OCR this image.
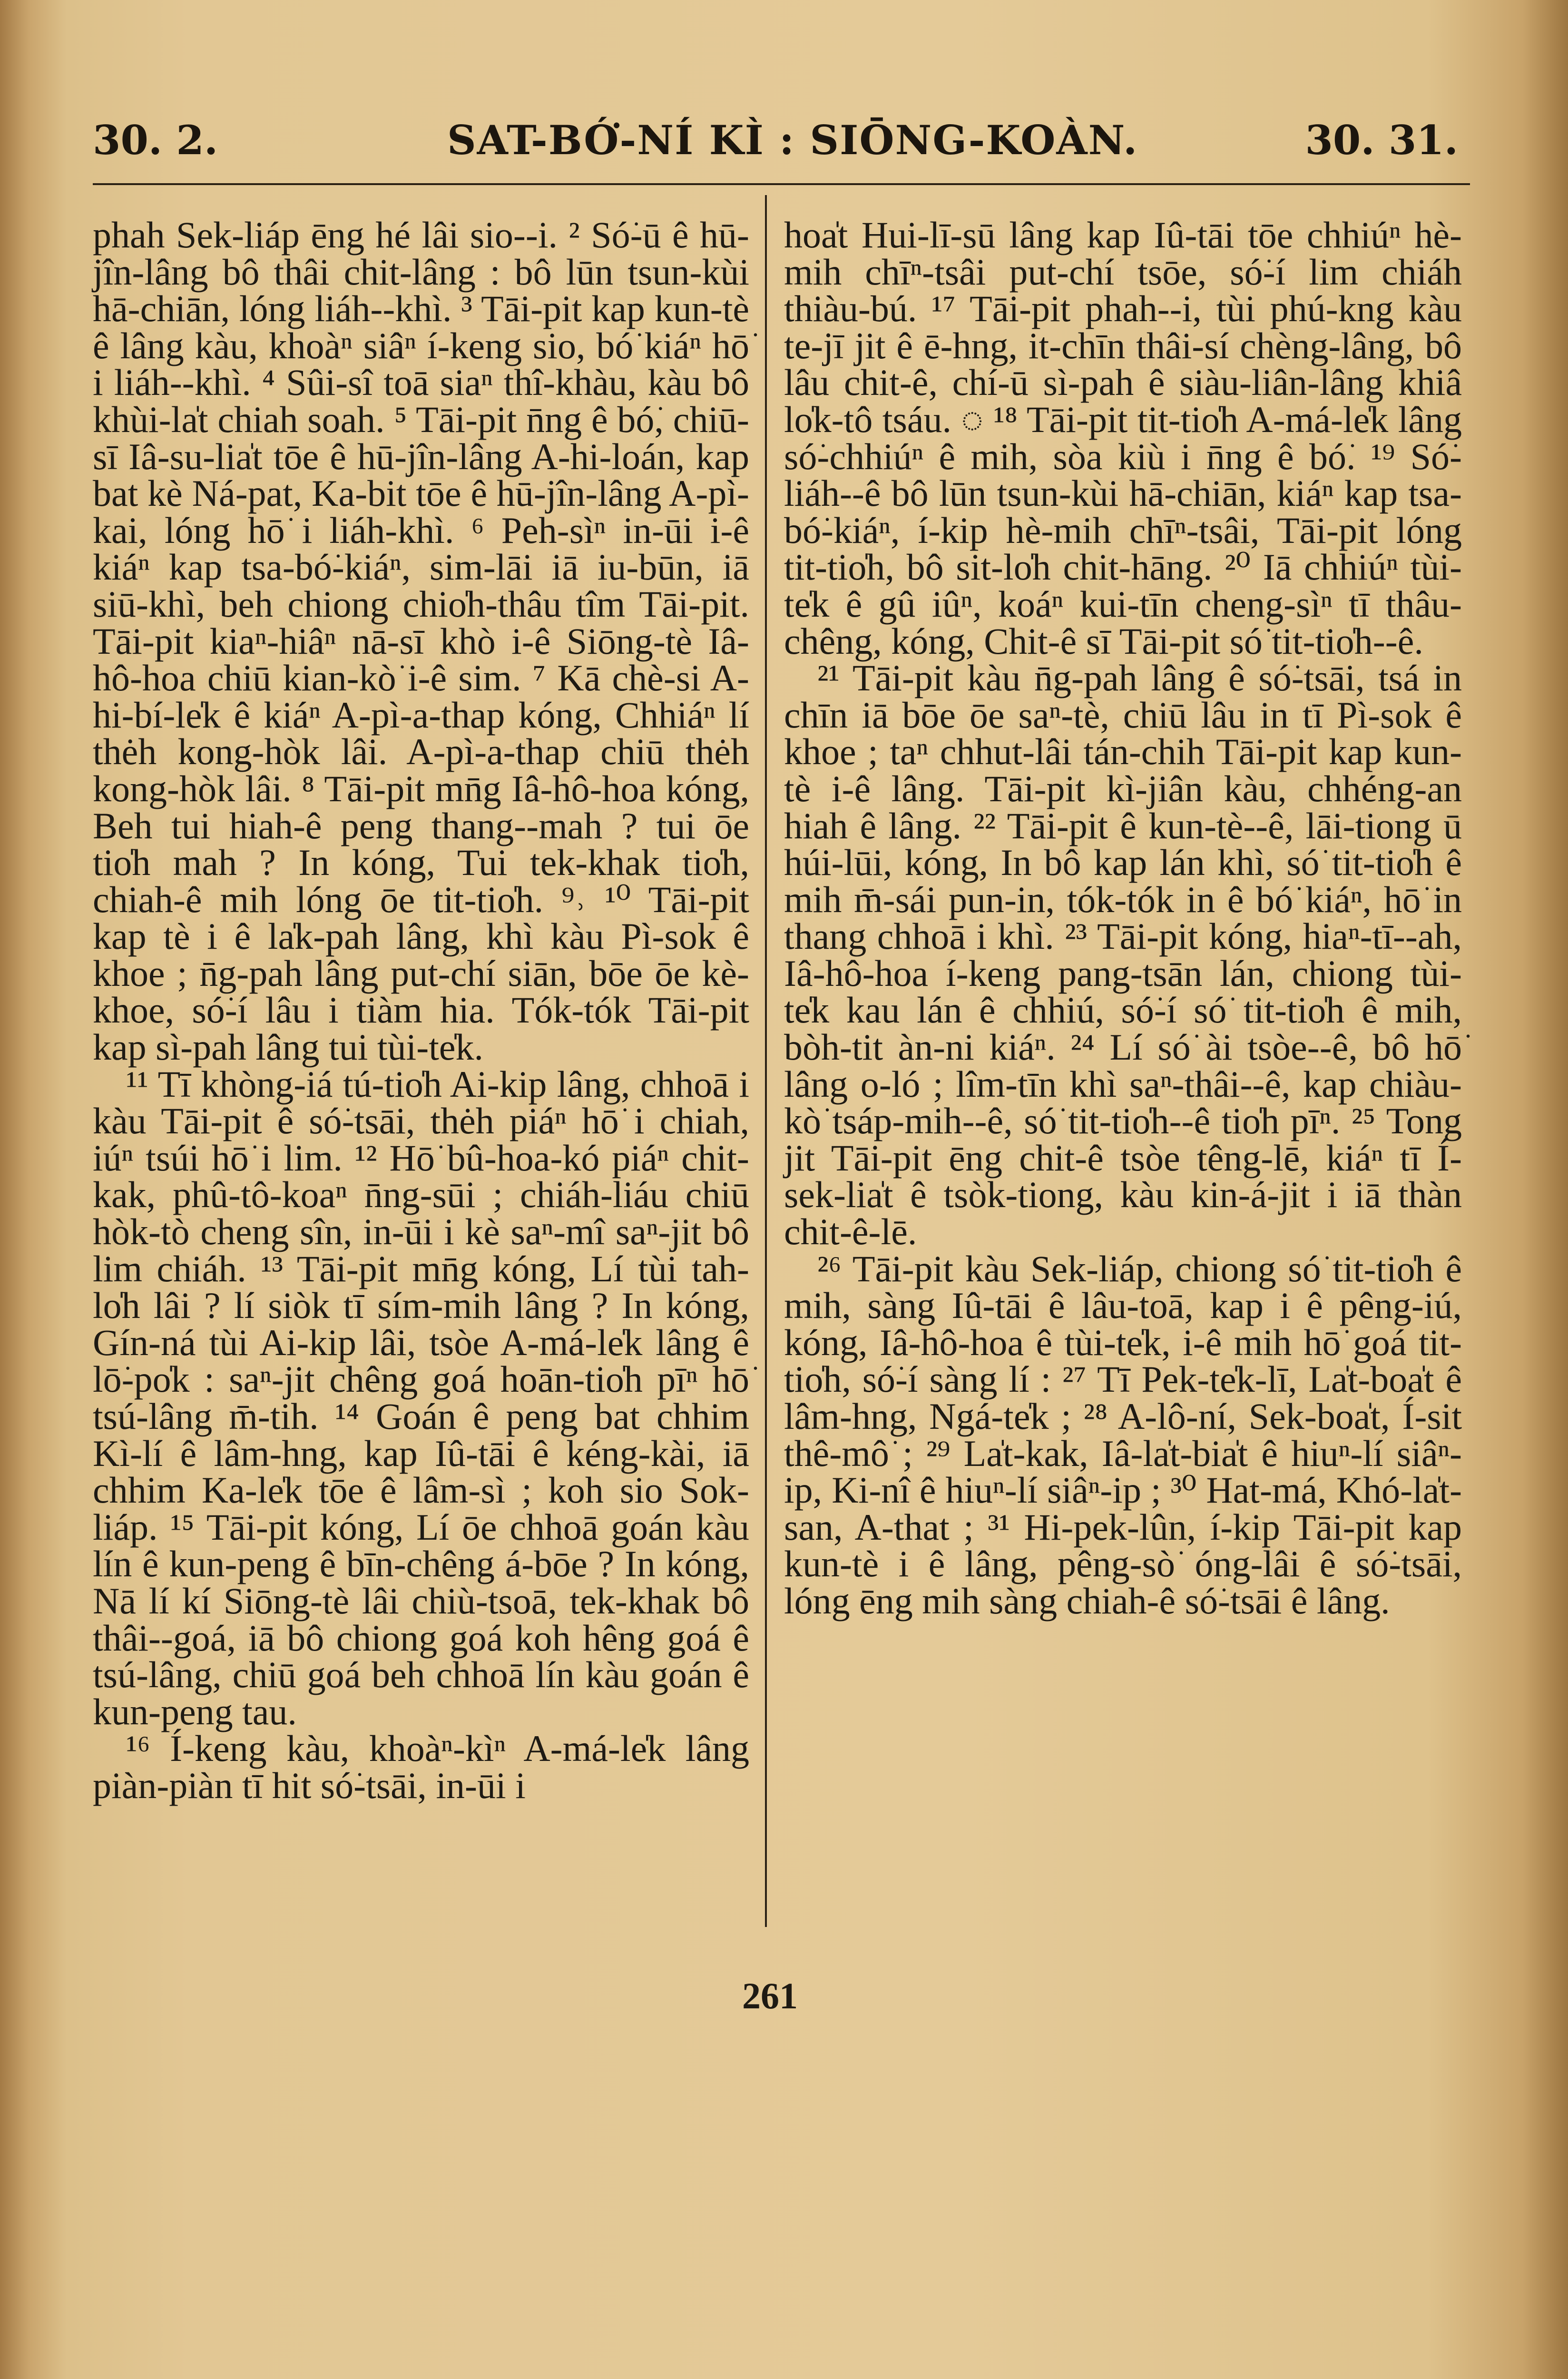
30. 2.	SAT-BÓ͘-NÍ KÌ : SIŌNG-KOÀN.	30. 31.

phah Sek-liáp ēng hé lâi sio--i. ² Só͘-ū ê hū-jîn-lâng bô thâi chit-lâng : bô lūn tsun-kùi hā-chiān, lóng liáh--khì. ³ Tāi-pit kap kun-tè ê lâng kàu, khoàⁿ siâⁿ í-keng sio, bó͘ kiáⁿ hō͘ i liáh--khì. ⁴ Sûi-sî toā siaⁿ thî-khàu, kàu bô khùi-la̍t chiah soah. ⁵ Tāi-pit n̄ng ê bó͘, chiū-sī Iâ-su-lia̍t tōe ê hū-jîn-lâng A-hi-loán, kap bat kè Ná-pat, Ka-bit tōe ê hū-jîn-lâng A-pì-kai, lóng hō͘ i liáh-khì. ⁶ Peh-sìⁿ in-ūi i-ê kiáⁿ kap tsa-bó͘-kiáⁿ, sim-lāi iā iu-būn, iā siū-khì, beh chiong chio̍h-thâu tîm Tāi-pit. Tāi-pit kiaⁿ-hiâⁿ nā-sī khò i-ê Siōng-tè Iâ-hô-hoa chiū kian-kò͘ i-ê sim. ⁷ Kā chè-si A-hi-bí-le̍k ê kiáⁿ A-pì-a-thap kóng, Chhiáⁿ lí thėh kong-hòk lâi. A-pì-a-thap chiū thėh kong-hòk lâi. ⁸ Tāi-pit mn̄g Iâ-hô-hoa kóng, Beh tui hiah-ê peng thang--mah ? tui ōe tio̍h mah ? In kóng, Tui tek-khak tio̍h, chiah-ê mih lóng ōe tit-tio̍h. ⁹˒ ¹⁰ Tāi-pit kap tè i ê la̍k-pah lâng, khì kàu Pì-sok ê khoe ; n̄g-pah lâng put-chí siān, bōe ōe kè-khoe, só͘-í lâu i tiàm hia. Tók-tók Tāi-pit kap sì-pah lâng tui tùi-te̍k.

¹¹ Tī khòng-iá tú-tio̍h Ai-kip lâng, chhoā i kàu Tāi-pit ê só͘-tsāi, thėh piáⁿ hō͘ i chiah, iúⁿ tsúi hō͘ i lim. ¹² Hō͘ bû-hoa-kó piáⁿ chit-kak, phû-tô-koaⁿ n̄ng-sūi ; chiáh-liáu chiū hòk-tò cheng sîn, in-ūi i kè saⁿ-mî saⁿ-jit bô lim chiáh. ¹³ Tāi-pit mn̄g kóng, Lí tùi tah-lo̍h lâi ? lí siòk tī sím-mih lâng ? In kóng, Gín-ná tùi Ai-kip lâi, tsòe A-má-le̍k lâng ê lō͘-po̍k : saⁿ-jit chêng goá hoān-tio̍h pīⁿ hō͘ tsú-lâng m̄-tih. ¹⁴ Goán ê peng bat chhim Kì-lí ê lâm-hng, kap Iû-tāi ê kéng-kài, iā chhim Ka-le̍k tōe ê lâm-sì ; koh sio Sok-liáp. ¹⁵ Tāi-pit kóng, Lí ōe chhoā goán kàu lín ê kun-peng ê bīn-chêng á-bōe ? In kóng, Nā lí kí Siōng-tè lâi chiù-tsoā, tek-khak bô thâi--goá, iā bô chiong goá koh hêng goá ê tsú-lâng, chiū goá beh chhoā lín kàu goán ê kun-peng tau.

¹⁶ Í-keng kàu, khoàⁿ-kìⁿ A-má-le̍k lâng piàn-piàn tī hit só͘-tsāi, in-ūi i

hoa̍t Hui-lī-sū lâng kap Iû-tāi tōe chhiúⁿ hè-mih chīⁿ-tsâi put-chí tsōe, só͘-í lim chiáh thiàu-bú. ¹⁷ Tāi-pit phah--i, tùi phú-kng kàu te-jī jit ê ē-hng, it-chīn thâi-sí chèng-lâng, bô lâu chit-ê, chí-ū sì-pah ê siàu-liân-lâng khiâ lo̍k-tô tsáu. ◌ ¹⁸ Tāi-pit tit-tio̍h A-má-le̍k lâng só͘-chhiúⁿ ê mih, sòa kiù i n̄ng ê bó͘. ¹⁹ Só͘-liáh--ê bô lūn tsun-kùi hā-chiān, kiáⁿ kap tsa-bó͘-kiáⁿ, í-kip hè-mih chīⁿ-tsâi, Tāi-pit lóng tit-tio̍h, bô sit-lo̍h chit-hāng. ²⁰ Iā chhiúⁿ tùi-te̍k ê gû iûⁿ, koáⁿ kui-tīn cheng-sìⁿ tī thâu-chêng, kóng, Chit-ê sī Tāi-pit só͘ tit-tio̍h--ê.

²¹ Tāi-pit kàu n̄g-pah lâng ê só͘-tsāi, tsá in chīn iā bōe ōe saⁿ-tè, chiū lâu in tī Pì-sok ê khoe ; taⁿ chhut-lâi tán-chih Tāi-pit kap kun-tè i-ê lâng. Tāi-pit kì-jiân kàu, chhéng-an hiah ê lâng. ²² Tāi-pit ê kun-tè--ê, lāi-tiong ū húi-lūi, kóng, In bô kap lán khì, só͘ tit-tio̍h ê mih m̄-sái pun-in, tók-tók in ê bó͘ kiáⁿ, hō͘ in thang chhoā i khì. ²³ Tāi-pit kóng, hiaⁿ-tī--ah, Iâ-hô-hoa í-keng pang-tsān lán, chiong tùi-te̍k kau lán ê chhiú, só͘-í só͘ tit-tio̍h ê mih, bòh-tit àn-ni kiáⁿ. ²⁴ Lí só͘ ài tsòe--ê, bô hō͘ lâng o-ló ; lîm-tīn khì saⁿ-thâi--ê, kap chiàu-kò͘ tsáp-mih--ê, só͘ tit-tio̍h--ê tio̍h pīⁿ. ²⁵ Tong jit Tāi-pit ēng chit-ê tsòe têng-lē, kiáⁿ tī Í-sek-lia̍t ê tsòk-tiong, kàu kin-á-jit i iā thàn chit-ê-lē.

²⁶ Tāi-pit kàu Sek-liáp, chiong só͘ tit-tio̍h ê mih, sàng Iû-tāi ê lâu-toā, kap i ê pêng-iú, kóng, Iâ-hô-hoa ê tùi-te̍k, i-ê mih hō͘ goá tit-tio̍h, só͘-í sàng lí : ²⁷ Tī Pek-te̍k-lī, La̍t-boa̍t ê lâm-hng, Ngá-te̍k ; ²⁸ A-lô-ní, Sek-boa̍t, Í-sit thê-mô͘ ; ²⁹ La̍t-kak, Iâ-la̍t-bia̍t ê hiuⁿ-lí siâⁿ-ip, Ki-nî ê hiuⁿ-lí siâⁿ-ip ; ³⁰ Hat-má, Khó-la̍t-san, A-that ; ³¹ Hi-pek-lûn, í-kip Tāi-pit kap kun-tè i ê lâng, pêng-sò͘ óng-lâi ê só͘-tsāi, lóng ēng mih sàng chiah-ê só͘-tsāi ê lâng.

261
